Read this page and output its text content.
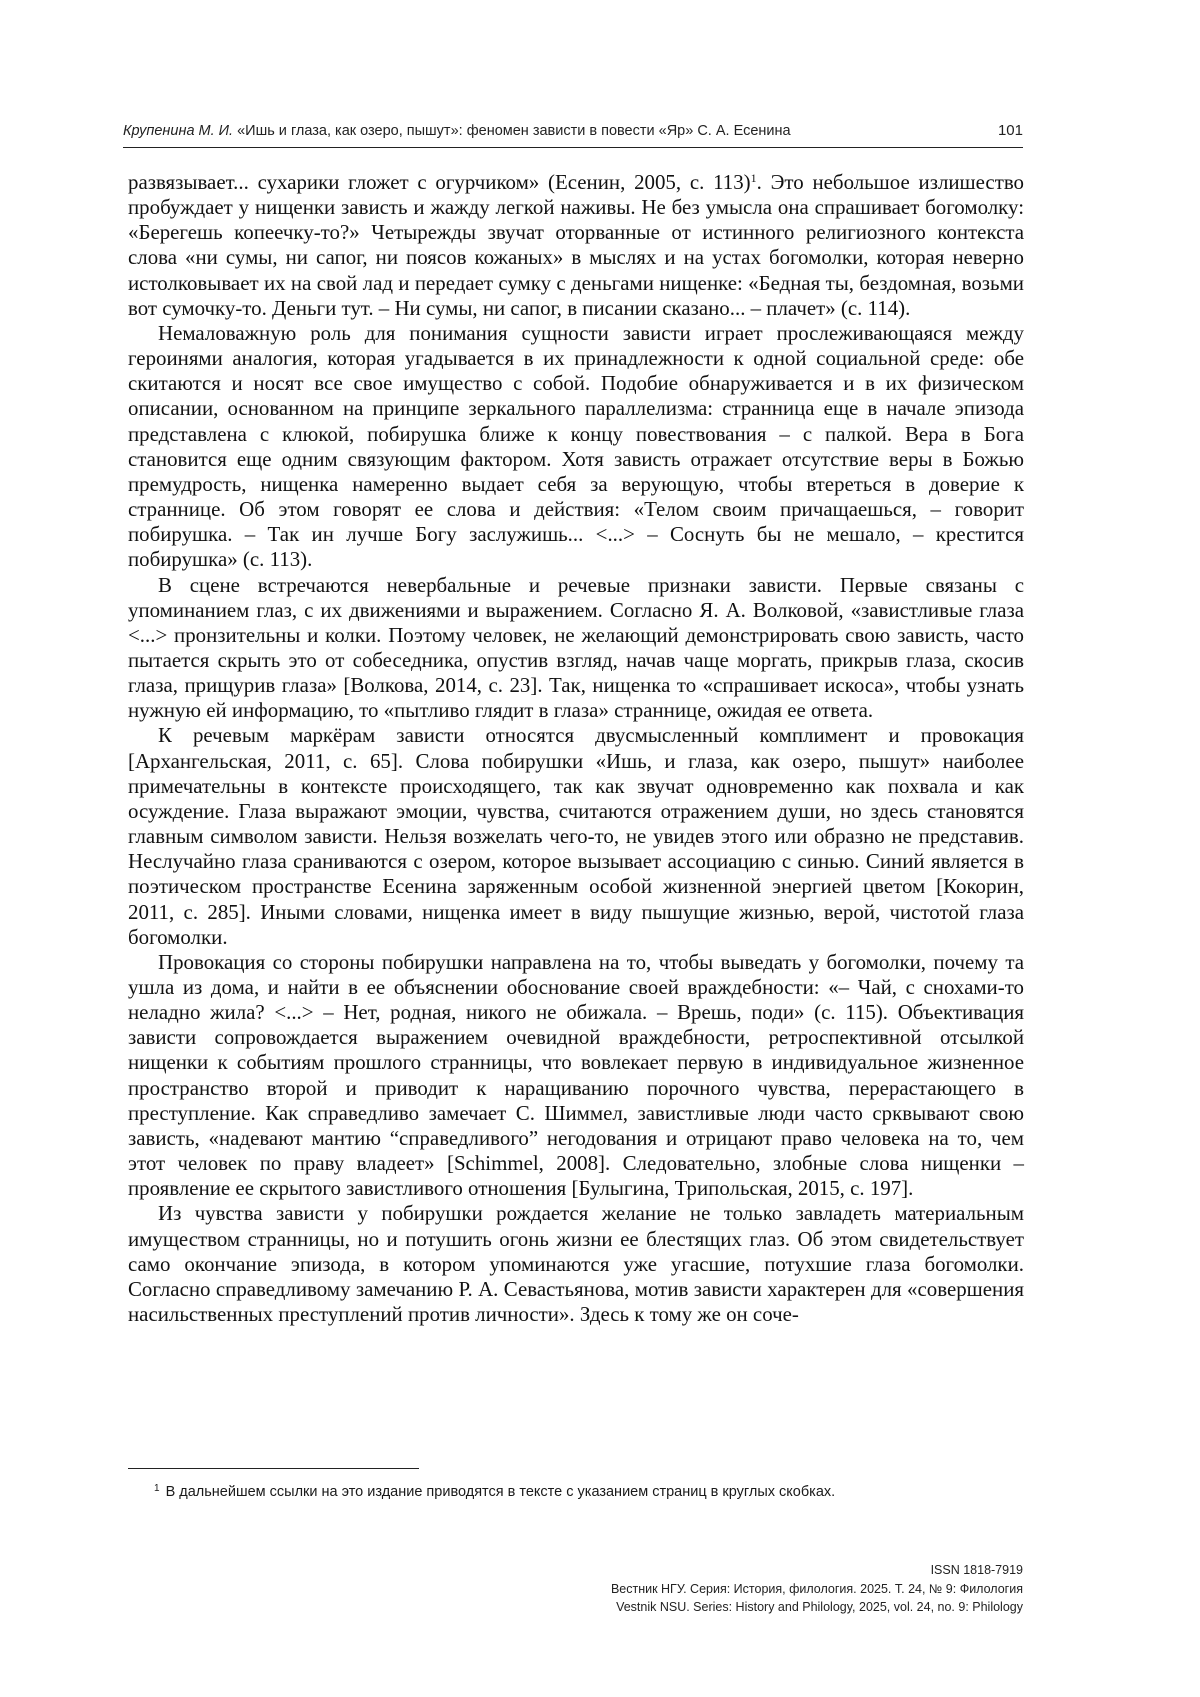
Крупенина М. И. «Ишь и глаза, как озеро, пышут»: феномен зависти в повести «Яр» С. А. Есенина	101

развязывает... сухарики гложет с огурчиком» (Есенин, 2005, с. 113)$^1$. Это небольшое излишество пробуждает у нищенки зависть и жажду легкой наживы. Не без умысла она спрашивает богомолку: «Берегешь копеечку-то?» Четырежды звучат оторванные от истинного религиозного контекста слова «ни сумы, ни сапог, ни поясов кожаных» в мыслях и на устах богомолки, которая неверно истолковывает их на свой лад и передает сумку с деньгами нищенке: «Бедная ты, бездомная, возьми вот сумочку-то. Деньги тут. – Ни сумы, ни сапог, в писании сказано... – плачет» (с. 114).

Немаловажную роль для понимания сущности зависти играет прослеживающаяся между героинями аналогия, которая угадывается в их принадлежности к одной социальной среде: обе скитаются и носят все свое имущество с собой. Подобие обнаруживается и в их физическом описании, основанном на принципе зеркального параллелизма: странница еще в начале эпизода представлена с клюкой, побирушка ближе к концу повествования – с палкой. Вера в Бога становится еще одним связующим фактором. Хотя зависть отражает отсутствие веры в Божью премудрость, нищенка намеренно выдает себя за верующую, чтобы втереться в доверие к страннице. Об этом говорят ее слова и действия: «Телом своим причащаешься, – говорит побирушка. – Так ин лучше Богу заслужишь... <...> – Соснуть бы не мешало, – крестится побирушка» (с. 113).

В сцене встречаются невербальные и речевые признаки зависти. Первые связаны с упоминанием глаз, с их движениями и выражением. Согласно Я. А. Волковой, «завистливые глаза <...> пронзительны и колки. Поэтому человек, не желающий демонстрировать свою зависть, часто пытается скрыть это от собеседника, опустив взгляд, начав чаще моргать, прикрыв глаза, скосив глаза, прищурив глаза» [Волкова, 2014, с. 23]. Так, нищенка то «спрашивает искоса», чтобы узнать нужную ей информацию, то «пытливо глядит в глаза» страннице, ожидая ее ответа.

К речевым маркёрам зависти относятся двусмысленный комплимент и провокация [Архангельская, 2011, с. 65]. Слова побирушки «Ишь, и глаза, как озеро, пышут» наиболее примечательны в контексте происходящего, так как звучат одновременно как похвала и как осуждение. Глаза выражают эмоции, чувства, считаются отражением души, но здесь становятся главным символом зависти. Нельзя возжелать чего-то, не увидев этого или образно не представив. Неслучайно глаза сраниваются с озером, которое вызывает ассоциацию с синью. Синий является в поэтическом пространстве Есенина заряженным особой жизненной энергией цветом [Кокорин, 2011, с. 285]. Иными словами, нищенка имеет в виду пышущие жизнью, верой, чистотой глаза богомолки.

Провокация со стороны побирушки направлена на то, чтобы выведать у богомолки, почему та ушла из дома, и найти в ее объяснении обоснование своей враждебности: «– Чай, с снохами-то неладно жила? <...> – Нет, родная, никого не обижала. – Врешь, поди» (с. 115). Объективация зависти сопровождается выражением очевидной враждебности, ретроспективной отсылкой нищенки к событиям прошлого странницы, что вовлекает первую в индивидуальное жизненное пространство второй и приводит к наращиванию порочного чувства, перерастающего в преступление. Как справедливо замечает С. Шиммел, завистливые люди часто срквывают свою зависть, «надевают мантию “справедливого” негодования и отрицают право человека на то, чем этот человек по праву владеет» [Schimmel, 2008]. Следовательно, злобные слова нищенки – проявление ее скрытого завистливого отношения [Булыгина, Трипольская, 2015, с. 197].

Из чувства зависти у побирушки рождается желание не только завладеть материальным имуществом странницы, но и потушить огонь жизни ее блестящих глаз. Об этом свидетельствует само окончание эпизода, в котором упоминаются уже угасшие, потухшие глаза богомолки. Согласно справедливому замечанию Р. А. Севастьянова, мотив зависти характерен для «совершения насильственных преступлений против личности». Здесь к тому же он соче-

$^1$ В дальнейшем ссылки на это издание приводятся в тексте с указанием страниц в круглых скобках.
ISSN 1818-7919
Вестник НГУ. Серия: История, филология. 2025. Т. 24, № 9: Филология
Vestnik NSU. Series: History and Philology, 2025, vol. 24, no. 9: Philology
